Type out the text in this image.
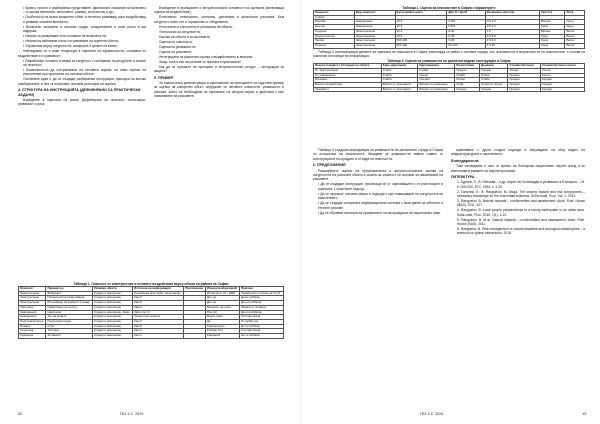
• Кратко, просто и разбираемо представяне, финансово описание на включено – и оценка включена, изпълнено, размер, количество и др.;

• Особености на всеки конкретен обект и неговото развиващ иски въздействащ и уязвими описани включено;

• Включено заложени и основни нужди, инициативите и поли които в ще издържа;

• Начини за разкриване или основани на включена на;

• Начини на избягване и/или отстраняване на оценени обекти;

• Отражение върху сигурността, комфорта и цената на всеки;

Наблюдават се и нови тенденции в оценката на ефикасността, основани по въздействието и уязвимост;

• Разработват основни и мерки за сигурност с основание на ресурсите и зоните на опасност;

• Възможността да отстраняване на неговата оценка, на ниво оценка на изпълнение при прилагане на основни обекти;

Основната идея е да се създаде разбираема инструкция, пригодна за всички разбирателни; в нея се използват основни категории на оценка.

4. СТРУКТУРА НА ИНСТРУКЦИЯТА (ДЕФИНИРАНИ СА ПРАКТИЧЕСКИ ЗАДАЧИ)

Въведение в оценката на риска. Дефиниране на опасност, експозиция, уязвимост и риск.

Въведение в принципите и антропологична оснoвност на оценката (включваща оценка на въздействие);

Естествено, електронно, сигнално, дипломни и физически решения: Към сигурност, ниво, кит и отражение от обединение;

Естествено и изпълнено в условията на обекта;

Технологии за сигурността;

Насоки на обекти и за системите;

Оценка на опасности;

Оценка на уязвимостта;

Оценка на рисковете;

Интегрирани на различни оценки с въздействието в анализи.

Защо, кога и как на рискове се прилага в практиката?

Как да се прилагат на принципи и антропологичен ресурс – инструкция за защита?

5. ПРИМЕР

За практическа демонстрация и приложение на принципите се подготвя пример за оценка на конкретен обект: определят се неговите опасности, уязвимости и рискове, които са необходими за прилагане на сигурни мерки и действия с цел намаляване на рисковете.

Таблица 1. Опасност от земетресение и неговите въздействия върху обекта по района на София
Опасност	Параметър	Уязвими обекти	Източник на информация	Приложение	Измерител/критерий	Прагови
Земетресение	Вибрации	Сгради и население	Сеизмичен праг (инф. на агенция)	-	Интензитет (I) – EMS	Характерни степени на VI–IX
Земетресение	Повърхностни разкъсвания	Сгради и население	Карти	-	Да / не	Да не избягва
Земетресение	Втечняване на земната основа	Сгради и население	Карти	-	Да / не	Да или избягва
Свличане	Изместване на грунта	Сгради и население	Карти	-	Мощност на слоя	Зависи от почвата
Наводнения	Ниво/зони	Сгради и население, Земя	Карти (м, h)	-	Пик (m)	Да или избягва
Наводнения	Теч на водата	Сгради и население	Теоретичен анализ	-	Водно ниво	Теглова скала
Подпочвени води	Подпочвени води	Сгради и население	Карти	-	Да	По-добро да
Пожари	Огън	Сгради и население	Карти	-	Температура	Не се избягва
Слънчева	Топлина	Сгради и население	Карти	-	Размер (m²)	Теглова скала
Радиация	Активност	Сгради и население	Карти	-	Радиация	Не се избягва
Таблица 2. Оценка на опасностите в София с параметрите
Опасност	Вид опасност	Категорийно ниво	Дял % / брой	Възможно място/м	Частота	Риск
София						
Изгреви	Наводнения	10-4	0-5%	0.5-1.0	Висока	Сред.
Център	Наводнения	10-4	0-5%	0.5-1.0	Сред.	Сред.
Сердика	Земетресение	10-4	0-40	1.0	Висока	Висок
Красна поляна	Земетресение	10-4	0-40	1.5-6.0	Сред.	Висок
Люлин	Земетресение	500-100	0-30	1.5-6.0	Сред.	Висок
Лозенец	Земетресение	500-100	50-100	1.5-10	Сред.	Висок

Таблица 2 систематизира данните за оценката на опасности в София; разглежда се район с основни сгради, със значимостта и вероятността на опасностите, с основа на различни източници на информация.

Таблица 3. Оценка на уязвимостта по различни видове конструкция в София
Вид на сградата / Ситуация на обекта	Едно-двуетажни	Едропанелни	Пълнотелни	Дървени	Стоманобетонни	Стоманобетонен скелет
От земетресение	Слаби	Слаби	Средни	Средни	Силни	Силни
От наводнение	Слаби	Силни	Слаби	Силни	Средни	Силни
Изгаряне	Слаби	Средни	Силни	Слаби	Средни	Средни
Високо въздействие	Високо от резонанса	Високо от резонанса	Слаб	Силни от силен	Средни	Средни
Уязвимост	Високо от резонанса	Високо от резонанса	Средни	Средни	Средни	Средни

Таблица 3 съдържа информация за уязвимостта на различните сгради в София по отношение на опасностите. Виждаме че уязвимостта зависи главно от конструкцията на сградите и от вида на опасността.

6. ПРЕДЛОЖЕНИЯ

Разширените оценки на предложенията и антропологичната оценка на сигурността на различни обекти в зоната на опасност са основни за намаляване на рисковете.

• Да се създадат инструкции, прилагащи се от оценяващите и от участниците в оценката, с практичен подход.

• Да се прилагат основни мерки и подходи с цел повишаване на сигурността на населението.

• Да се създаде специална информационна система с база данни за обектите и техните рискове.

• Да се обучават експерти за прилагането на инструкцията на национално ниво.

сравняване с други сходни подходи и изграждане на общ модел на инфраструктурата и населението.

Благодарности:

Тази изследване е част от проект на Български национален научен фонд и се изпълнява в рамките на научна програма.

ЛИТЕРАТУРА

1. Бурнев, Л., В. Ранчева... и др. Карти на Геохазарди и уязвимост в България. – М. II: 000-000, БТС, 1994, с. 1-20.

2. Ганчева, Х., В. Ranguelov, M. Ahuja. The seismic hazard and risk components – necessary knowledge for the real estate business, Sofia coast, Proc. Vol. 1, 2012.

3. Ranguelov, B. Natural hazards – nonlinearities and assessment. Acad. Publ. House (BAS), 2011, 327.

4. Ranguelov, B. Local people preparedness to a strong earthquake in an urban area. Sofia case, Proc. 2016, 1(1), 1-10.

5. Ranguelov, B. et al. Natural hazards – nonlinearities and assessment. Acad. Publ. House (BAS), 2011.

6. Ranguelov, B. Risk management of natural disasters and ecological catastrophes – a textbook for global interactions. 2015.

42	ГБЗ 3-4 ' 2024	ГБЗ 3-4 ' 2024	43
